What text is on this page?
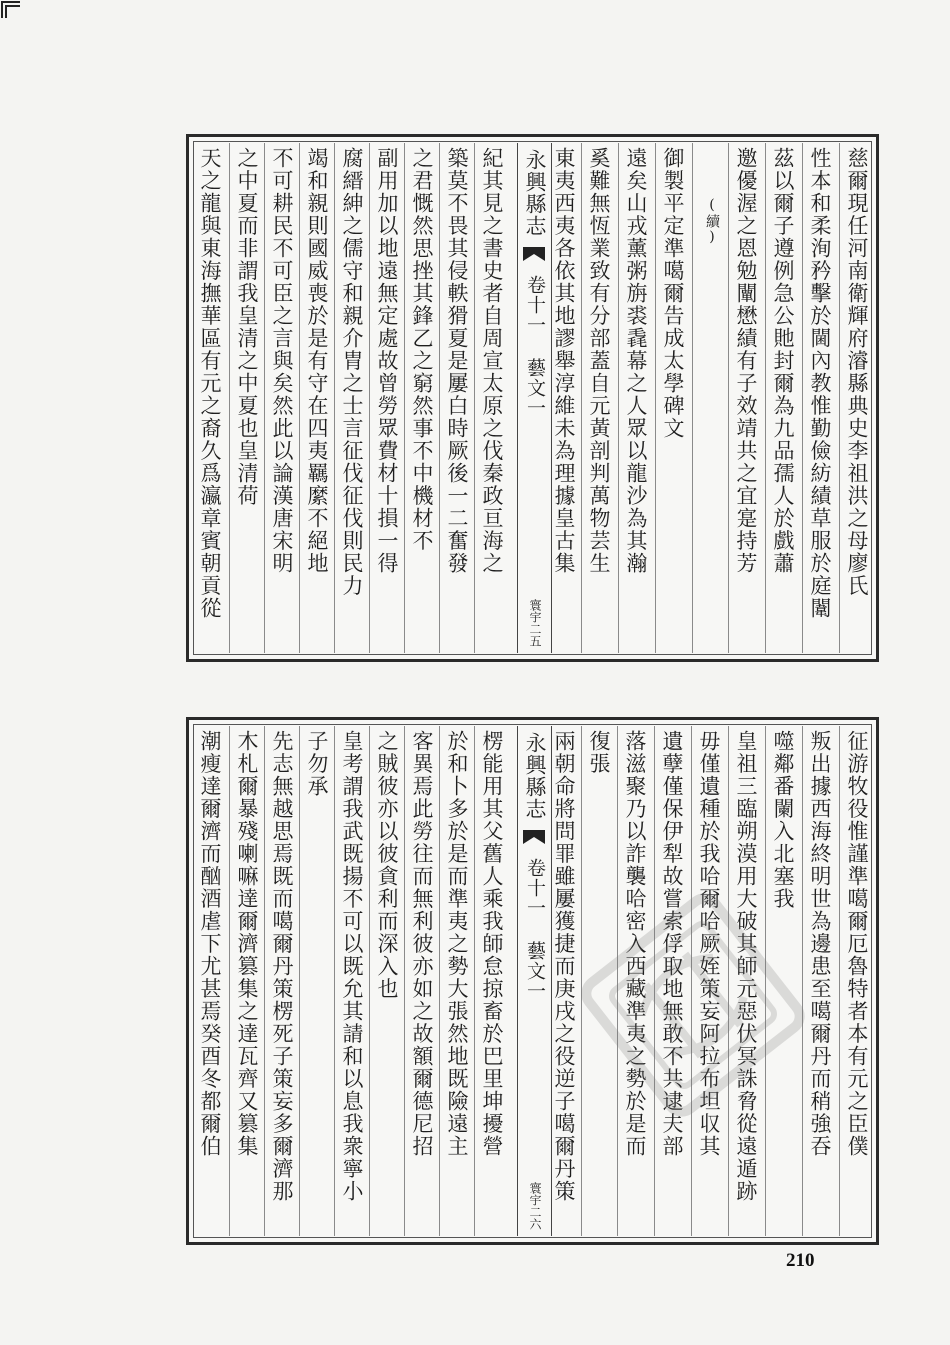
慈爾現任河南衛輝府濬縣典史李祖洪之母廖氏
性本和柔洵矜擊於閫內教惟勤儉紡績草服於庭闈
茲以爾子遵例急公貤封爾為九品孺人於戲蕭
邀優渥之恩勉闡懋績有子效靖共之宜寔持芳
(續)
御製平定準噶爾告成太學碑文
遠矣山戎薰粥旃裘毳幕之人眾以龍沙為其瀚
奚難無恆業致有分部蓋自元黃剖判萬物芸生
東夷西夷各依其地謬舉淳維未為理據皇古集
永興縣志
卷十一 藝文一
寰宇二五
紀其見之書史者自周宣太原之伐秦政亘海之
築莫不畏其侵軼猾夏是屢白時厥後一二奮發
之君慨然思挫其鋒乙之窮然事不中機材不
副用加以地遠無定處故曾勞眾費材十損一得
腐縉紳之儒守和親介胄之士言征伐征伐則民力
竭和親則國威喪於是有守在四夷羈縻不絕地
不可耕民不可臣之言與矣然此以論漢唐宋明
之中夏而非謂我皇清之中夏也皇清荷
天之龍與東海撫華區有元之裔久爲瀛章賓朝貢從
征游牧役惟謹準噶爾厄魯特者本有元之臣僕
叛出據西海終明世為邊患至噶爾丹而稍強吞
噬鄰番闌入北塞我
皇祖三臨朔漠用大破其師元惡伏冥誅脅從遠遁跡
毋僅遺種於我哈爾哈厥姪策妄阿拉布坦収其
遺孽僅保伊犁故嘗索俘取地無敢不共逮夫部
落滋聚乃以詐襲哈密入西藏準夷之勢於是而
復張
兩朝命將問罪雖屢獲捷而庚戌之役逆子噶爾丹策
永興縣志
卷十一 藝文一
寰宇二六
楞能用其父舊人乘我師怠掠畜於巴里坤擾營
於和卜多於是而準夷之勢大張然地既險遠主
客異焉此勞往而無利彼亦如之故額爾德尼招
之賊彼亦以彼貪利而深入也
皇考謂我武既揚不可以既允其請和以息我衆寧小
子勿承
先志無越思焉既而噶爾丹策楞死子策妄多爾濟那
木札爾暴殘喇嘛達爾濟篡集之達瓦齊又篡集
潮瘦達爾濟而酗酒虐下尤甚焉癸酉冬都爾伯
210
